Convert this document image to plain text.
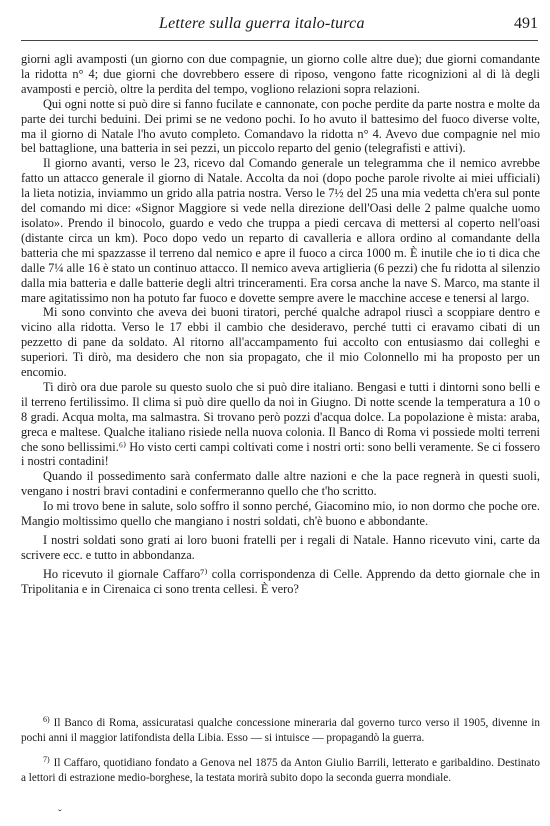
Lettere sulla guerra italo-turca	491

giorni agli avamposti (un giorno con due compagnie, un giorno colle altre due); due giorni comandante la ridotta n° 4; due giorni che dovrebbero essere di riposo, vengono fatte ricognizioni al di là degli avamposti e perciò, oltre la perdita del tempo, vogliono relazioni sopra relazioni.

Qui ogni notte si può dire si fanno fucilate e cannonate, con poche perdite da parte nostra e molte da parte dei turchi beduini. Dei primi se ne vedono pochi. Io ho avuto il battesimo del fuoco diverse volte, ma il giorno di Natale l'ho avuto completo. Comandavo la ridotta n° 4. Avevo due compagnie nel mio bel battaglione, una batteria in sei pezzi, un piccolo reparto del genio (telegrafisti e attivi).

Il giorno avanti, verso le 23, ricevo dal Comando generale un telegramma che il nemico avrebbe fatto un attacco generale il giorno di Natale. Accolta da noi (dopo poche parole rivolte ai miei ufficiali) la lieta notizia, inviammo un grido alla patria nostra. Verso le 7½ del 25 una mia vedetta ch'era sul ponte del comando mi dice: «Signor Maggiore si vede nella direzione dell'Oasi delle 2 palme qualche uomo isolato». Prendo il binocolo, guardo e vedo che truppa a piedi cercava di mettersi al coperto nell'oasi (distante circa un km). Poco dopo vedo un reparto di cavalleria e allora ordino al comandante della batteria che mi spazzasse il terreno dal nemico e apre il fuoco a circa 1000 m. È inutile che io ti dica che dalle 7¼ alle 16 è stato un continuo attacco. Il nemico aveva artiglieria (6 pezzi) che fu ridotta al silenzio dalla mia batteria e dalle batterie degli altri trinceramenti. Era corsa anche la nave S. Marco, ma stante il mare agitatissimo non ha potuto far fuoco e dovette sempre avere le macchine accese e tenersi al largo.

Mi sono convinto che aveva dei buoni tiratori, perché qualche adrapol riuscì a scoppiare dentro e vicino alla ridotta. Verso le 17 ebbi il cambio che desideravo, perché tutti ci eravamo cibati di un pezzetto di pane da soldato. Al ritorno all'accampamento fui accolto con entusiasmo dai colleghi e superiori. Ti dirò, ma desidero che non sia propagato, che il mio Colonnello mi ha proposto per un encomio.

Ti dirò ora due parole su questo suolo che si può dire italiano. Bengasi e tutti i dintorni sono belli e il terreno fertilissimo. Il clima si può dire quello da noi in Giugno. Di notte scende la temperatura a 10 o 8 gradi. Acqua molta, ma salmastra. Si trovano però pozzi d'acqua dolce. La popolazione è mista: araba, greca e maltese. Qualche italiano risiede nella nuova colonia. Il Banco di Roma vi possiede molti terreni che sono bellissimi.⁶⁾ Ho visto certi campi coltivati come i nostri orti: sono belli veramente. Se ci fossero i nostri contadini!

Quando il possedimento sarà confermato dalle altre nazioni e che la pace regnerà in questi suoli, vengano i nostri bravi contadini e confermeranno quello che t'ho scritto.

Io mi trovo bene in salute, solo soffro il sonno perché, Giacomino mio, io non dormo che poche ore. Mangio moltissimo quello che mangiano i nostri soldati, ch'è buono e abbondante.

I nostri soldati sono grati ai loro buoni fratelli per i regali di Natale. Hanno ricevuto vini, carte da scrivere ecc. e tutto in abbondanza.

Ho ricevuto il giornale Caffaro⁷⁾ colla corrispondenza di Celle. Apprendo da detto giornale che in Tripolitania e in Cirenaica ci sono trenta cellesi. È vero?

$^{6)}$ Il Banco di Roma, assicuratasi qualche concessione mineraria dal governo turco verso il 1905, divenne in pochi anni il maggior latifondista della Libia. Esso — si intuisce — propagandò la guerra.

$^{7)}$ Il Caffaro, quotidiano fondato a Genova nel 1875 da Anton Giulio Barrili, letterato e garibaldino. Destinato a lettori di estrazione medio-borghese, la testata morirà subito dopo la seconda guerra mondiale.

ˇ
